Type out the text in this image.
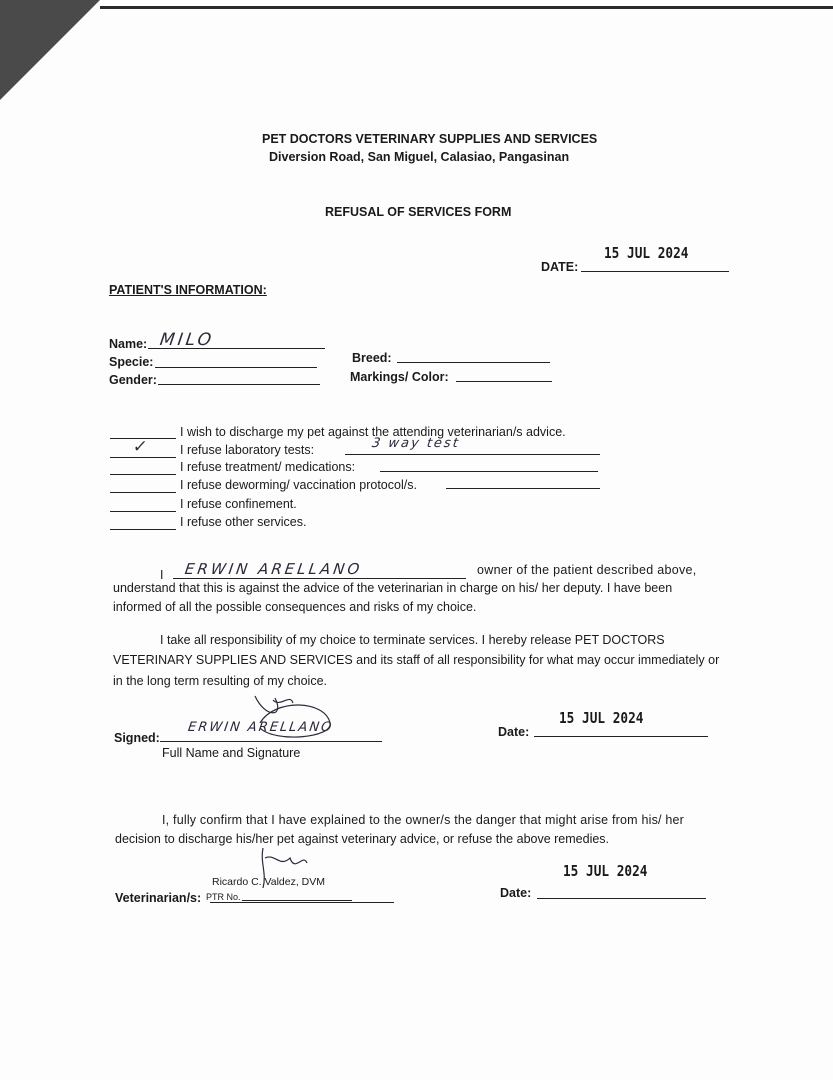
PET DOCTORS VETERINARY SUPPLIES AND SERVICES
Diversion Road, San Miguel, Calasiao, Pangasinan
REFUSAL OF SERVICES FORM
15 JUL 2024
DATE:
PATIENT'S INFORMATION:
Name: MILO
Specie:
Gender:
Breed:
Markings/ Color:
I wish to discharge my pet against the attending veterinarian/s advice.
✓	I refuse laboratory tests:	3 way test
I refuse treatment/ medications:
I refuse deworming/ vaccination protocol/s.
I refuse confinement.
I refuse other services.
I ERWIN ARELLANO	owner of the patient described above,
understand that this is against the advice of the veterinarian in charge on his/ her deputy. I have been
informed of all the possible consequences and risks of my choice.
I take all responsibility of my choice to terminate services. I hereby release PET DOCTORS
VETERINARY SUPPLIES AND SERVICES and its staff of all responsibility for what may occur immediately or
in the long term resulting of my choice.
Signed:
ERWIN ARELLANO
Full Name and Signature
15 JUL 2024
Date:
I, fully confirm that I have explained to the owner/s the danger that might arise from his/ her
decision to discharge his/her pet against veterinary advice, or refuse the above remedies.
Ricardo C. Valdez, DVM
Veterinarian/s: PTR No.
15 JUL 2024
Date:
